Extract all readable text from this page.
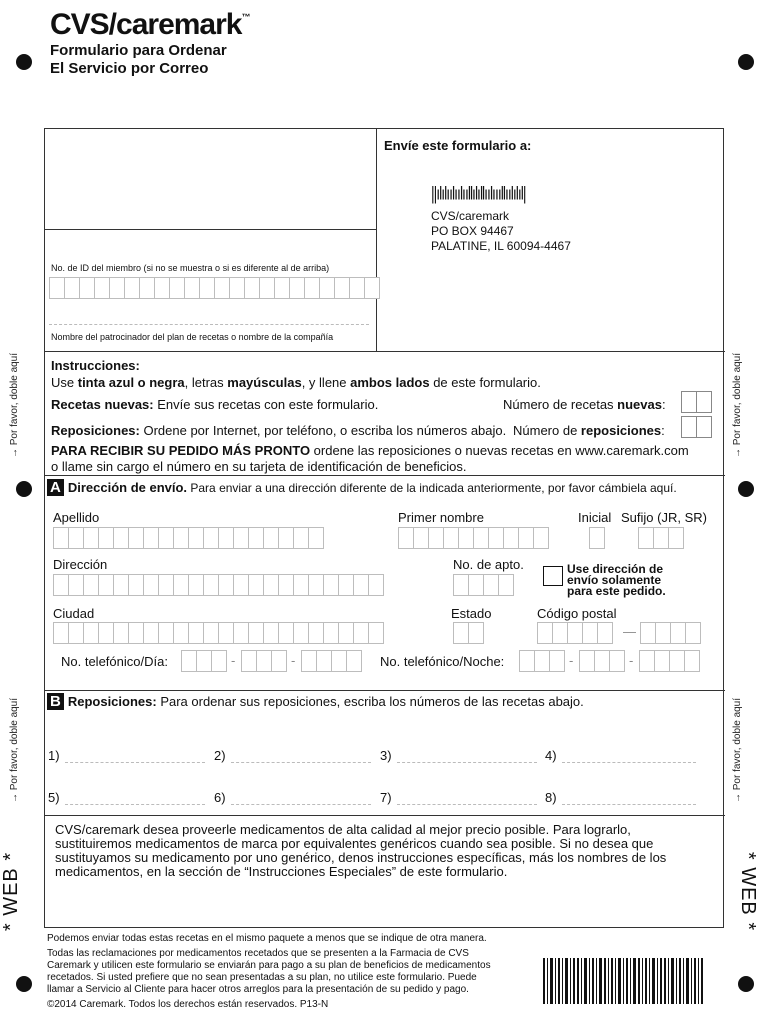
CVS/caremark™
Formulario para Ordenar
El Servicio por Correo
→ Por favor, doble aquí
→ Por favor, doble aquí
→ Por favor, doble aquí
→ Por favor, doble aquí
* WEB *	* WEB *
Envíe este formulario a:
||ılılıılıılııllılıllıılıııllıılılıl|
CVS/caremark
PO BOX 94467
PALATINE, IL 60094-4467
No. de ID del miembro (si no se muestra o si es diferente al de arriba)
Nombre del patrocinador del plan de recetas o nombre de la compañía
Instrucciones:
Use tinta azul o negra, letras mayúsculas, y llene ambos lados de este formulario.
Recetas nuevas: Envíe sus recetas con este formulario.	Número de recetas nuevas:
Reposiciones: Ordene por Internet, por teléfono, o escriba los números abajo. Número de reposiciones:
PARA RECIBIR SU PEDIDO MÁS PRONTO ordene las reposiciones o nuevas recetas en www.caremark.com
o llame sin cargo el número en su tarjeta de identificación de beneficios.
A Dirección de envío. Para enviar a una dirección diferente de la indicada anteriormente, por favor cámbiela aquí.
Apellido	Primer nombre	Inicial Sufijo (JR, SR)
Dirección	No. de apto.	Use dirección de
envío solamente
para este pedido.
Ciudad	Estado	Código postal
—
No. telefónico/Día:	-	-	No. telefónico/Noche:	-	-
B Reposiciones: Para ordenar sus reposiciones, escriba los números de las recetas abajo.
1)	2)	3)	4)
5)	6)	7)	8)
CVS/caremark desea proveerle medicamentos de alta calidad al mejor precio posible. Para lograrlo,
sustituiremos medicamentos de marca por equivalentes genéricos cuando sea posible. Si no desea que
sustituyamos su medicamento por uno genérico, denos instrucciones específicas, más los nombres de los
medicamentos, en la sección de “Instrucciones Especiales” de este formulario.
Podemos enviar todas estas recetas en el mismo paquete a menos que se indique de otra manera.
Todas las reclamaciones por medicamentos recetados que se presenten a la Farmacia de CVS
Caremark y utilicen este formulario se enviarán para pago a su plan de beneficios de medicamentos
recetados. Si usted prefiere que no sean presentadas a su plan, no utilice este formulario. Puede
llamar a Servicio al Cliente para hacer otros arreglos para la presentación de su pedido y pago.
©2014 Caremark. Todos los derechos están reservados. P13-N
